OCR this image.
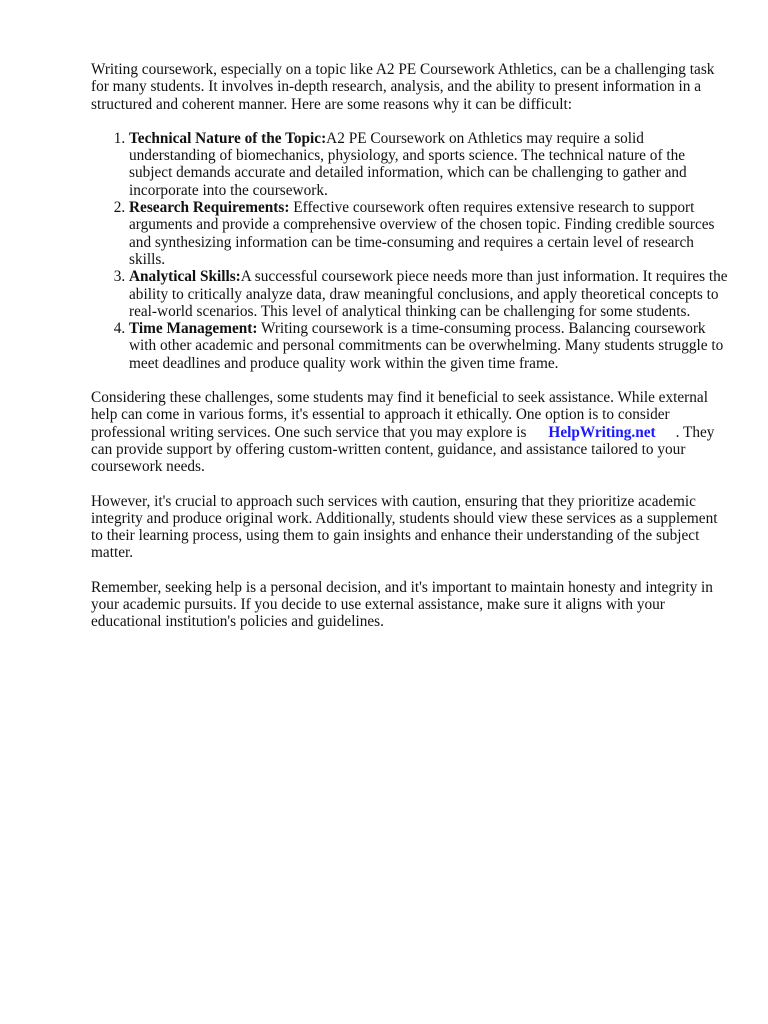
Writing coursework, especially on a topic like A2 PE Coursework Athletics, can be a challenging task for many students. It involves in-depth research, analysis, and the ability to present information in a structured and coherent manner. Here are some reasons why it can be difficult:

1. Technical Nature of the Topic:A2 PE Coursework on Athletics may require a solid understanding of biomechanics, physiology, and sports science. The technical nature of the subject demands accurate and detailed information, which can be challenging to gather and incorporate into the coursework.
2. Research Requirements: Effective coursework often requires extensive research to support arguments and provide a comprehensive overview of the chosen topic. Finding credible sources and synthesizing information can be time-consuming and requires a certain level of research skills.
3. Analytical Skills:A successful coursework piece needs more than just information. It requires the ability to critically analyze data, draw meaningful conclusions, and apply theoretical concepts to real-world scenarios. This level of analytical thinking can be challenging for some students.
4. Time Management: Writing coursework is a time-consuming process. Balancing coursework with other academic and personal commitments can be overwhelming. Many students struggle to meet deadlines and produce quality work within the given time frame.

Considering these challenges, some students may find it beneficial to seek assistance. While external help can come in various forms, it's essential to approach it ethically. One option is to consider professional writing services. One such service that you may explore is HelpWriting.net . They can provide support by offering custom-written content, guidance, and assistance tailored to your coursework needs.

However, it's crucial to approach such services with caution, ensuring that they prioritize academic integrity and produce original work. Additionally, students should view these services as a supplement to their learning process, using them to gain insights and enhance their understanding of the subject matter.

Remember, seeking help is a personal decision, and it's important to maintain honesty and integrity in your academic pursuits. If you decide to use external assistance, make sure it aligns with your educational institution's policies and guidelines.
